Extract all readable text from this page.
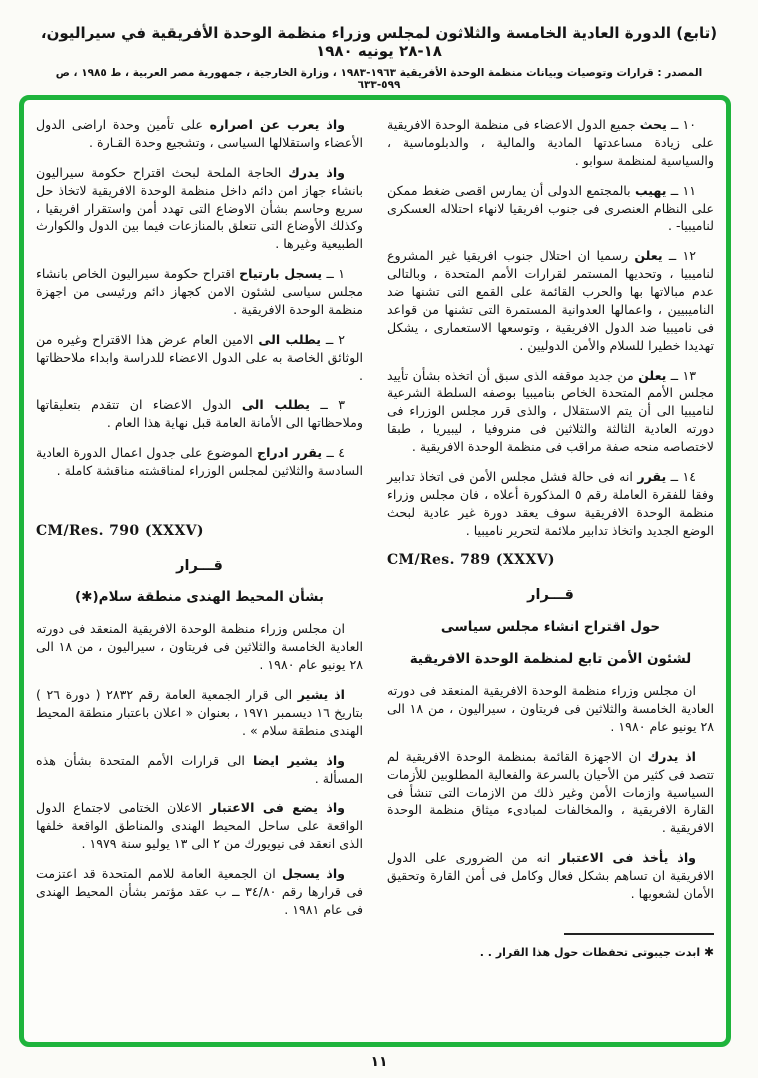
(تابع) الدورة العادية الخامسة والثلاثون لمجلس وزراء منظمة الوحدة الأفريقية في سيراليون، ١٨-٢٨ يونيه ١٩٨٠
المصدر : قرارات وتوصيات وبيانات منظمة الوحدة الأفريقية ١٩٦٣-١٩٨٣ ، وزارة الخارجية ، جمهورية مصر العربية ، ط ١٩٨٥ ، ص ٥٩٩-٦٣٣

١٠ ــ يحث جميع الدول الاعضاء فى منظمة الوحدة الافريقية على زيادة مساعدتها المادية والمالية ، والدبلوماسية ، والسياسية لمنظمة سوابو .

١١ ــ يهيب بالمجتمع الدولى أن يمارس اقصى ضغط ممكن على النظام العنصرى فى جنوب افريقيا لانهاء احتلاله العسكرى لناميبيا- .

١٢ ــ يعلن رسميا ان احتلال جنوب افريقيا غير المشروع لناميبيا ، وتحديها المستمر لقرارات الأمم المتحدة ، وبالتالى عدم مبالاتها بها والحرب القائمة على القمع التى تشنها ضد الناميبيين ، واعمالها العدوانية المستمرة التى تشنها من قواعد فى ناميبيا ضد الدول الافريقية ، وتوسعها الاستعمارى ، يشكل تهديدا خطيرا للسلام والأمن الدوليين .

١٣ ــ يعلن من جديد موقفه الذى سبق أن اتخذه بشأن تأييد مجلس الأمم المتحدة الخاص بناميبيا بوصفه السلطة الشرعية لناميبيا الى أن يتم الاستقلال ، والذى قرر مجلس الوزراء فى دورته العادية الثالثة والثلاثين فى منروفيا ، ليبيريا ، طبقا لاختصاصه منحه صفة مراقب فى منظمة الوحدة الافريقية .

١٤ ــ يقرر انه فى حالة فشل مجلس الأمن فى اتخاذ تدابير وفقا للفقرة العاملة رقم ٥ المذكورة أعلاه ، فان مجلس وزراء منظمة الوحدة الافريقية سوف يعقد دورة غير عادية لبحث الوضع الجديد واتخاذ تدابير ملائمة لتحرير ناميبيا .

CM/Res. 789 (XXXV)
قـــرار
حول اقتراح انشاء مجلس سياسى
لشئون الأمن تابع لمنظمة الوحدة الافريقية

ان مجلس وزراء منظمة الوحدة الافريقية المنعقد فى دورته العادية الخامسة والثلاثين فى فريتاون ، سيراليون ، من ١٨ الى ٢٨ يونيو عام ١٩٨٠ .

اذ يدرك ان الاجهزة القائمة بمنظمة الوحدة الافريقية لم تتصد فى كثير من الأحيان بالسرعة والفعالية المطلوبين للأزمات السياسية وازمات الأمن وغير ذلك من الازمات التى تنشأ فى القارة الافريقية ، والمخالفات لمبادىء ميثاق منظمة الوحدة الافريقية .

واذ يأخذ فى الاعتبار انه من الضرورى على الدول الافريقية ان تساهم بشكل فعال وكامل فى أمن القارة وتحقيق الأمان لشعوبها .

✱ ابدت جيبوتى تحفظات حول هذا القرار . .

واذ يعرب عن اصراره على تأمين وحدة اراضى الدول الأعضاء واستقلالها السياسى ، وتشجيع وحدة القـارة .

واذ يدرك الحاجة الملحة لبحث اقتراح حكومة سيراليون بانشاء جهاز امن دائم داخل منظمة الوحدة الافريقية لاتخاذ حل سريع وحاسم بشأن الاوضاع التى تهدد أمن واستقرار افريقيا ، وكذلك الأوضاع التى تتعلق بالمنازعات فيما بين الدول والكوارث الطبيعية وغيرها .

١ ــ يسجل بارتياح اقتراح حكومة سيراليون الخاص بانشاء مجلس سياسى لشئون الامن كجهاز دائم ورئيسى من اجهزة منظمة الوحدة الافريقية .

٢ ــ يطلب الى الامين العام عرض هذا الاقتراح وغيره من الوثائق الخاصة به على الدول الاعضاء للدراسة وابداء ملاحظاتها .

٣ ــ يطلب الى الدول الاعضاء ان تتقدم بتعليقاتها وملاحظاتها الى الأمانة العامة قبل نهاية هذا العام .

٤ ــ يقرر ادراج الموضوع على جدول اعمال الدورة العادية السادسة والثلاثين لمجلس الوزراء لمناقشته مناقشة كاملة .

CM/Res. 790 (XXXV)
قـــرار
بشأن المحيط الهندى منطقة سلام(✱)

ان مجلس وزراء منظمة الوحدة الافريقية المنعقد فى دورته العادية الخامسة والثلاثين فى فريتاون ، سيراليون ، من ١٨ الى ٢٨ يونيو عام ١٩٨٠ .

اذ يشير الى قرار الجمعية العامة رقم ٢٨٣٢ ( دورة ٢٦ ) بتاريخ ١٦ ديسمبر ١٩٧١ ، بعنوان « اعلان باعتبار منطقة المحيط الهندى منطقة سلام » .

واذ يشير ايضا الى قرارات الأمم المتحدة بشأن هذه المسألة .

واذ يضع فى الاعتبار الاعلان الختامى لاجتماع الدول الواقعة على ساحل المحيط الهندى والمناطق الواقعة خلفها الذى انعقد فى نيويورك من ٢ الى ١٣ يوليو سنة ١٩٧٩ .

واذ يسجل ان الجمعية العامة للامم المتحدة قد اعتزمت فى قرارها رقم ٣٤/٨٠ ــ ب عقد مؤتمر بشأن المحيط الهندى فى عام ١٩٨١ .

١١
